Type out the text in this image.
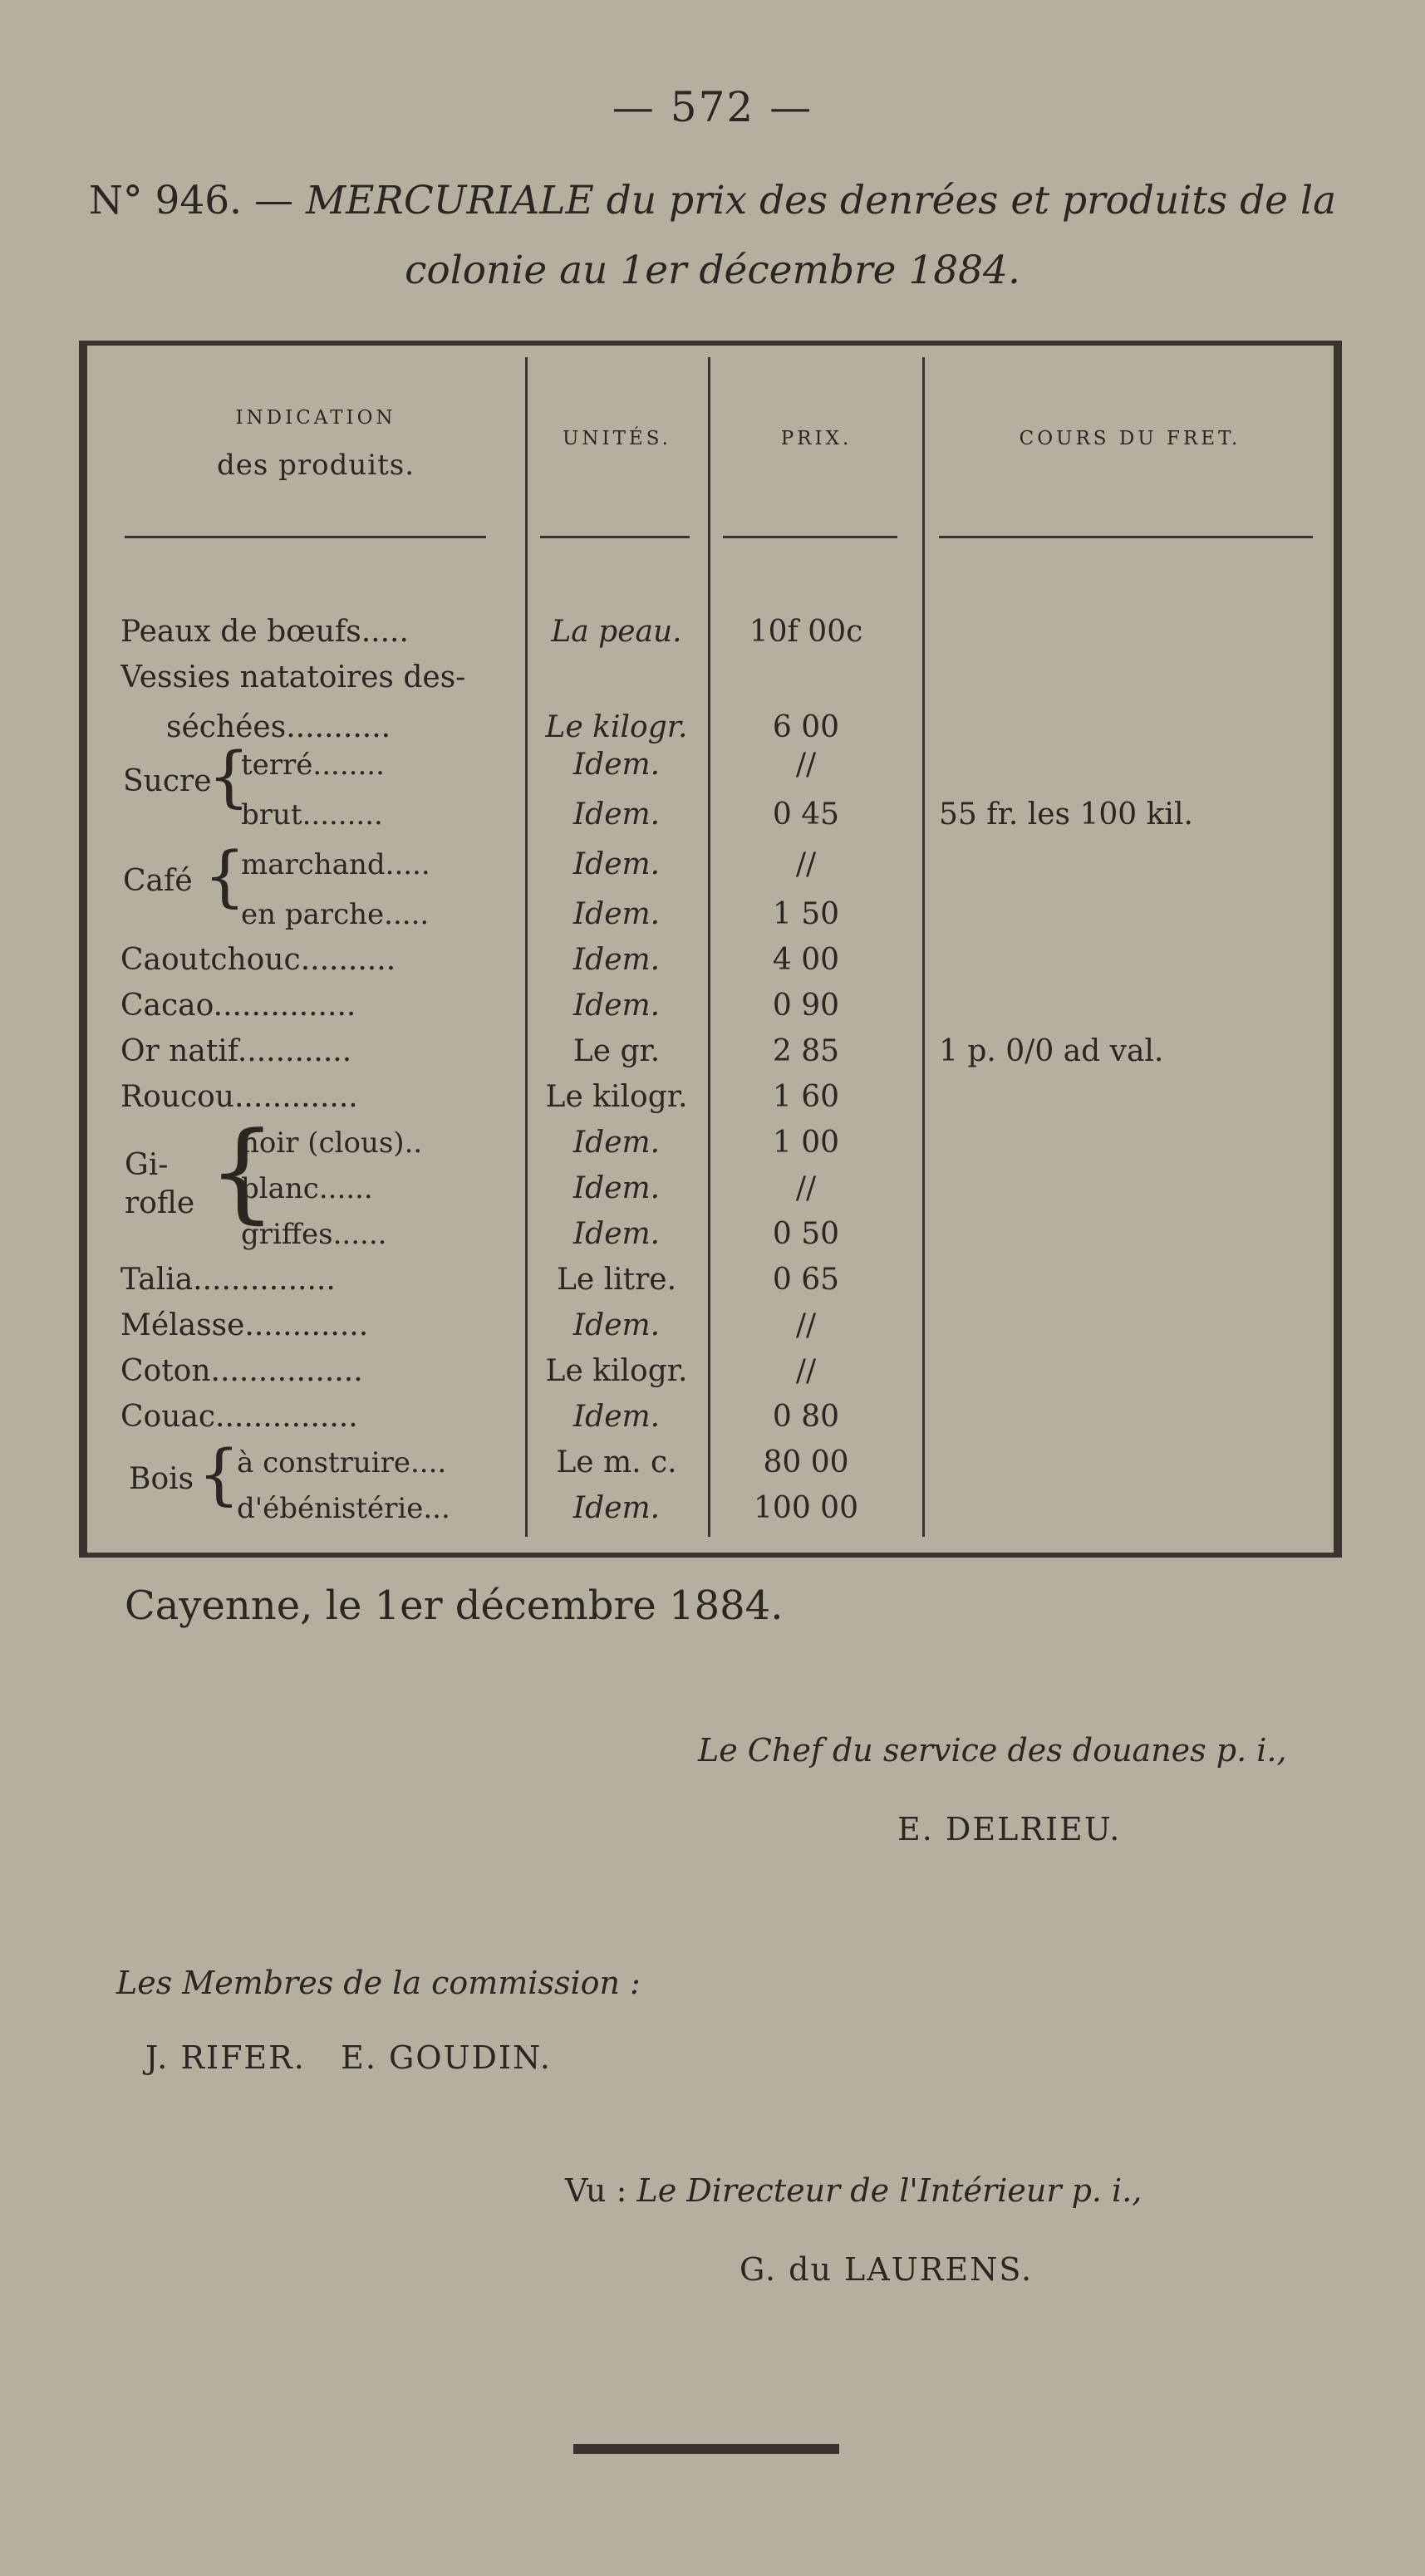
— 572 —
N° 946. — MERCURIALE du prix des denrées et produits de la colonie au 1er décembre 1884.
INDICATION
des produits.
UNITÉS.	PRIX.	COURS DU FRET.
Peaux de bœufs.....	La peau.	10f 00c
Vessies natatoires des-
séchées...........	Le kilogr.	6 00
Sucre
{
terré........	Idem.	//
brut.........	Idem.	0 45	55 fr. les 100 kil.
Café {
marchand.....	Idem.	//
en parche.....	Idem.	1 50
Caoutchouc..........	Idem.	4 00
Cacao...............	Idem.	0 90
Or natif............	Le gr.	2 85	1 p. 0/0 ad val.
Roucou.............	Le kilogr.	1 60
Gi-rofle {
noir (clous)..	Idem.	1 00
blanc......	Idem.	//
griffes......	Idem.	0 50
Talia...............	Le litre.	0 65
Mélasse.............	Idem.	//
Coton................	Le kilogr.	//
Couac...............	Idem.	0 80
Bois {
à construire....	Le m. c.	80 00
d'ébénistérie...	Idem.	100 00
Cayenne, le 1er décembre 1884.
Le Chef du service des douanes p. i.,
E. DELRIEU.
Les Membres de la commission :
J. RIFER.   E. GOUDIN.
Vu : Le Directeur de l'Intérieur p. i.,
G. du LAURENS.
